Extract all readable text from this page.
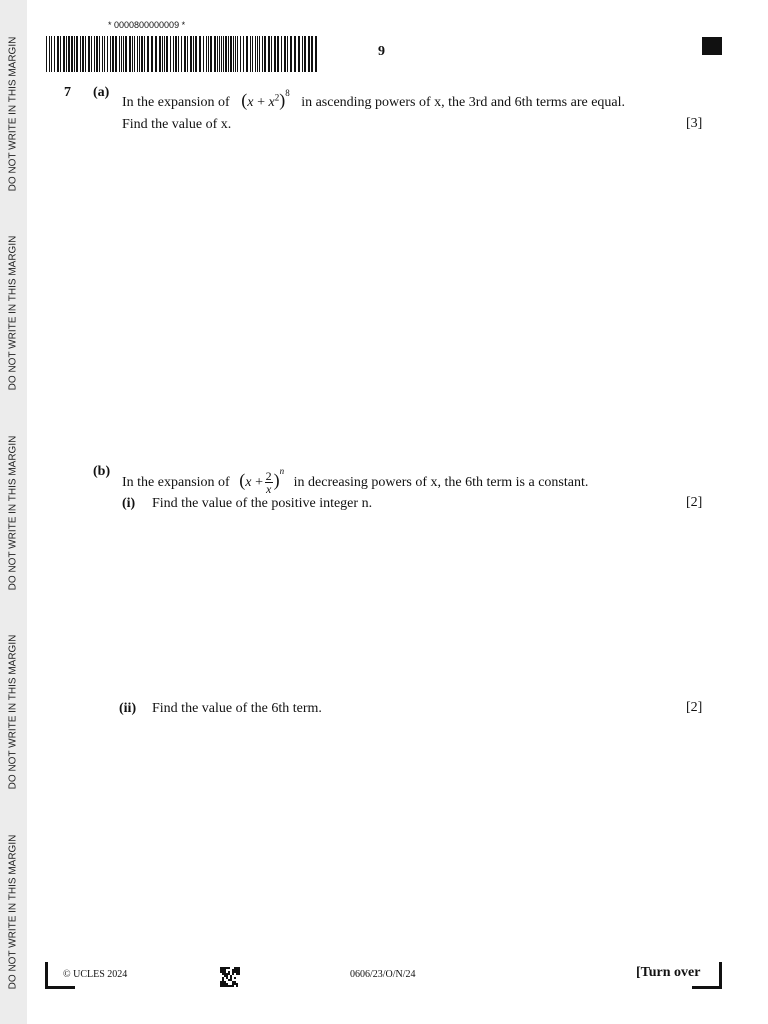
DO NOT WRITE IN THIS MARGIN
DO NOT WRITE IN THIS MARGIN
DO NOT WRITE IN THIS MARGIN
DO NOT WRITE IN THIS MARGIN
DO NOT WRITE IN THIS MARGIN
* 0000800000009 *
9
7 (a)
In the expansion of $(x + x^2)^8$ in ascending powers of x, the 3rd and 6th terms are equal.
Find the value of x.	[3]
(b)
In the expansion of $(x + \frac{2}{x} )^n$ in decreasing powers of x, the 6th term is a constant.
(i) Find the value of the positive integer n.	[2]
(ii) Find the value of the 6th term.	[2]
© UCLES 2024	0606/23/O/N/24	[Turn over
